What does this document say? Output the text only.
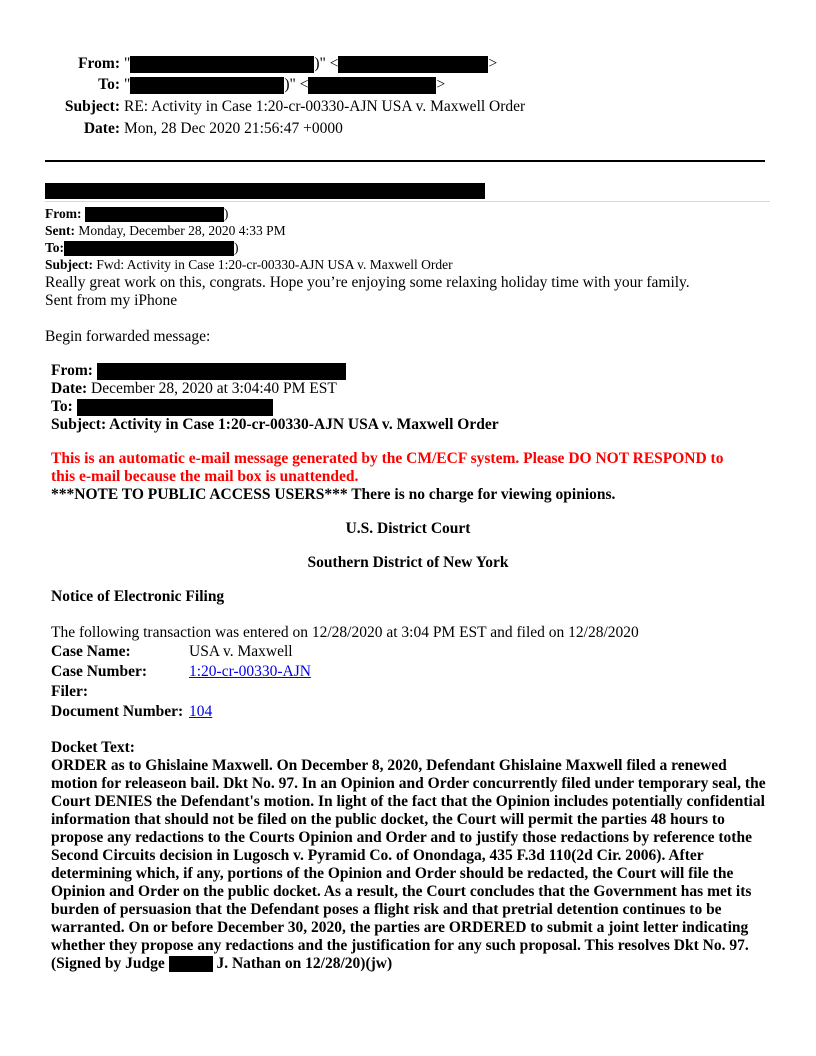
From: "	)" <	>
To: "	)" <	>
Subject: RE: Activity in Case 1:20-cr-00330-AJN USA v. Maxwell Order
Date: Mon, 28 Dec 2020 21:56:47 +0000
From:	)
Sent: Monday, December 28, 2020 4:33 PM
To:	)
Subject: Fwd: Activity in Case 1:20-cr-00330-AJN USA v. Maxwell Order
Really great work on this, congrats. Hope you’re enjoying some relaxing holiday time with your family.
Sent from my iPhone
Begin forwarded message:
From:
Date: December 28, 2020 at 3:04:40 PM EST
To:
Subject: Activity in Case 1:20-cr-00330-AJN USA v. Maxwell Order
This is an automatic e-mail message generated by the CM/ECF system. Please DO NOT RESPOND to
this e-mail because the mail box is unattended.
***NOTE TO PUBLIC ACCESS USERS*** There is no charge for viewing opinions.
U.S. District Court
Southern District of New York
Notice of Electronic Filing
The following transaction was entered on 12/28/2020 at 3:04 PM EST and filed on 12/28/2020
Case Name:	USA v. Maxwell
Case Number:	1:20-cr-00330-AJN
Filer:
Document Number: 104
Docket Text:
ORDER as to Ghislaine Maxwell. On December 8, 2020, Defendant Ghislaine Maxwell filed a renewed motion for releaseon bail. Dkt No. 97. In an Opinion and Order concurrently filed under temporary seal, the Court DENIES the Defendant's motion. In light of the fact that the Opinion includes potentially confidential information that should not be filed on the public docket, the Court will permit the parties 48 hours to propose any redactions to the Courts Opinion and Order and to justify those redactions by reference tothe Second Circuits decision in Lugosch v. Pyramid Co. of Onondaga, 435 F.3d 110(2d Cir. 2006). After determining which, if any, portions of the Opinion and Order should be redacted, the Court will file the Opinion and Order on the public docket. As a result, the Court concludes that the Government has met its burden of persuasion that the Defendant poses a flight risk and that pretrial detention continues to be warranted. On or before December 30, 2020, the parties are ORDERED to submit a joint letter indicating whether they propose any redactions and the justification for any such proposal. This resolves Dkt No. 97. (Signed by Judge	J. Nathan on 12/28/20)(jw)
